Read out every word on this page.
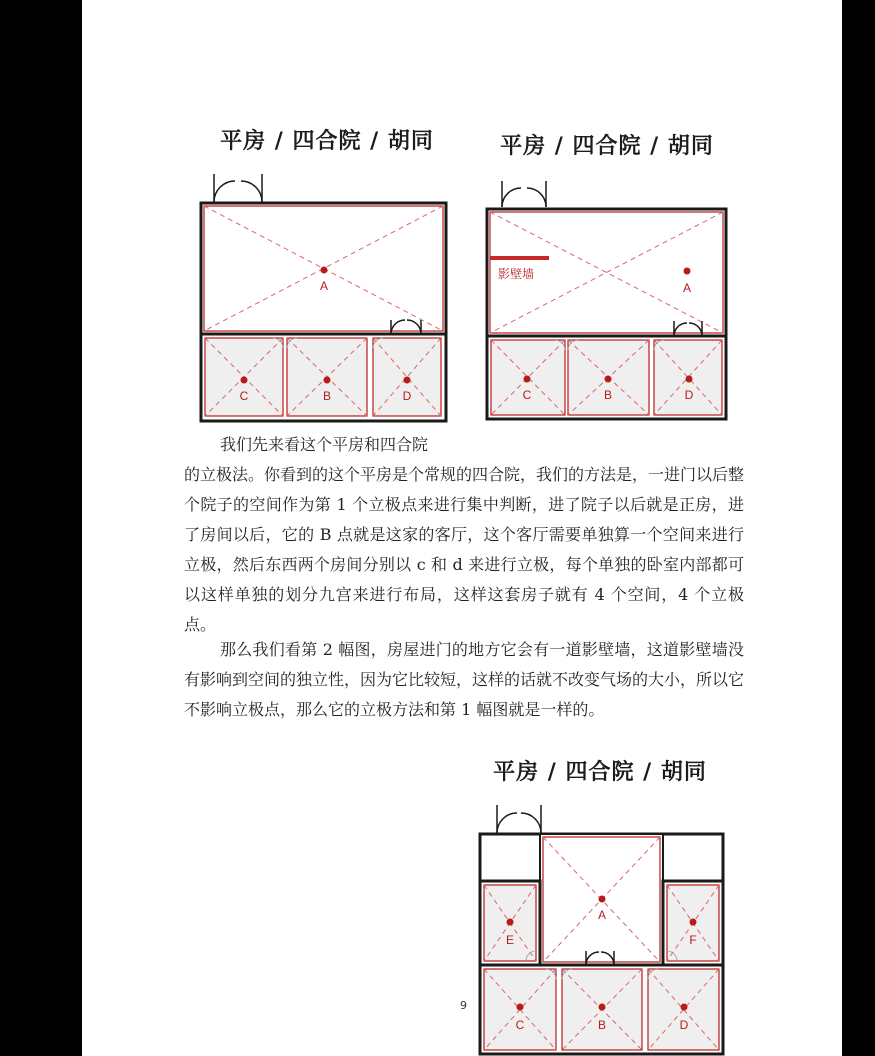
平房 / 四合院 / 胡同
A
C	B	D
平房 / 四合院 / 胡同
影壁墙
A
C	B	D

我们先来看这个平房和四合院

的立极法。你看到的这个平房是个常规的四合院，我们的方法是，一进门以后整个院子的空间作为第 1 个立极点来进行集中判断，进了院子以后就是正房，进了房间以后，它的 B 点就是这家的客厅，这个客厅需要单独算一个空间来进行立极，然后东西两个房间分别以 c 和 d 来进行立极，每个单独的卧室内部都可以这样单独的划分九宫来进行布局，这样这套房子就有 4 个空间，4 个立极点。

那么我们看第 2 幅图，房屋进门的地方它会有一道影壁墙，这道影壁墙没有影响到空间的独立性，因为它比较短，这样的话就不改变气场的大小，所以它不影响立极点，那么它的立极方法和第 1 幅图就是一样的。

平房 / 四合院 / 胡同
A
E	F
C	B	D
9
